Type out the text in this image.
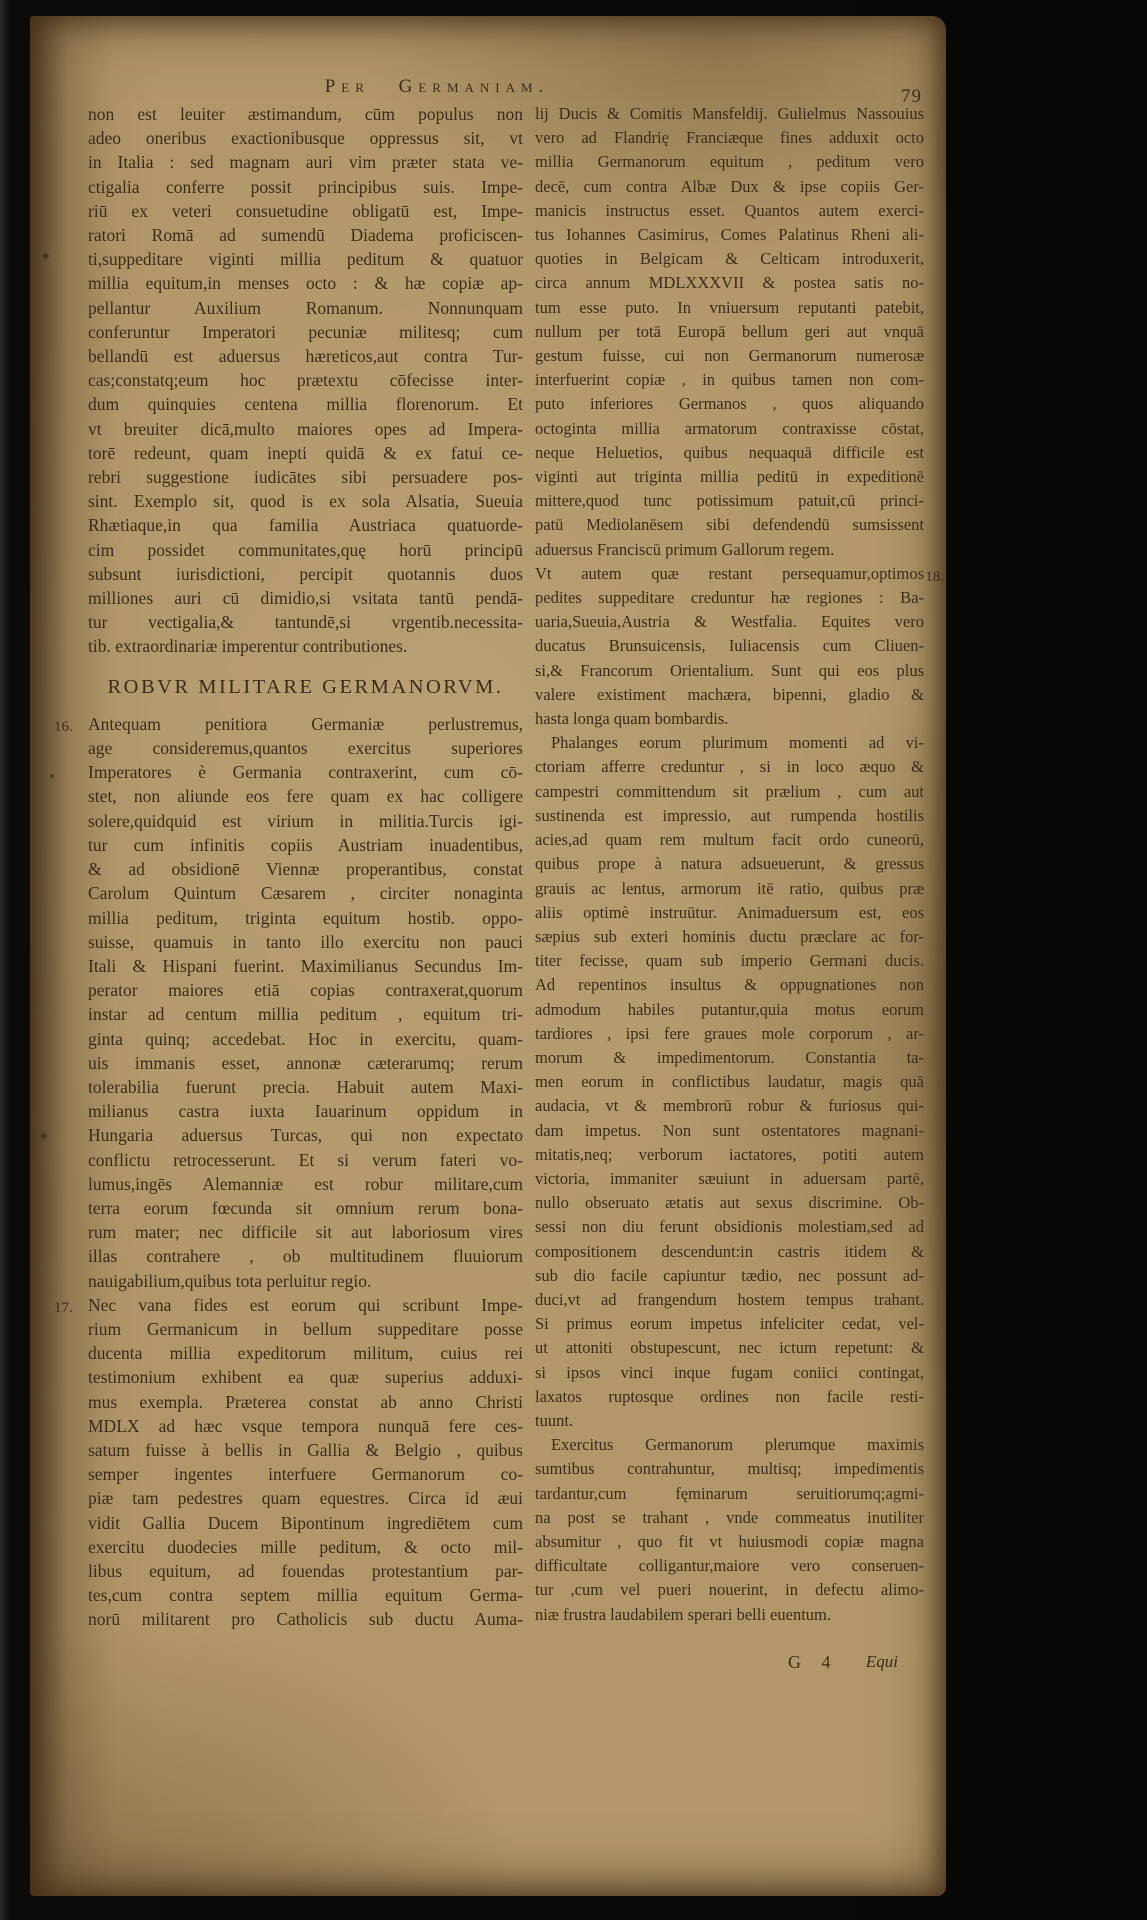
Per Germaniam.	79
non est leuiter æstimandum, cūm populus non
adeo oneribus exactionibusque oppressus sit, vt
in Italia : sed magnam auri vim præter stata ve-
ctigalia conferre possit principibus suis. Impe-
riū ex veteri consuetudine obligatū est, Impe-
ratori Romā ad sumendū Diadema proficiscen-
ti,suppeditare viginti millia peditum & quatuor
millia equitum,in menses octo : & hæ copiæ ap-
pellantur Auxilium Romanum. Nonnunquam
conferuntur Imperatori pecuniæ militesq; cum
bellandū est aduersus hæreticos,aut contra Tur-
cas;constatq;eum hoc prætextu cōfecisse inter-
dum quinquies centena millia florenorum. Et
vt breuiter dicā,multo maiores opes ad Impera-
torē redeunt, quam inepti quidā & ex fatui ce-
rebri suggestione iudicātes sibi persuadere pos-
sint. Exemplo sit, quod is ex sola Alsatia, Sueuia
Rhætiaque,in qua familia Austriaca quatuorde-
cim possidet communitates,quę horū principū
subsunt iurisdictioni, percipit quotannis duos
milliones auri cū dimidio,si vsitata tantū pendā-
tur vectigalia,& tantundē,si vrgentib.necessita-
tib. extraordinariæ imperentur contributiones.
ROBVR MILITARE GERMANORVM.
16. Antequam penitiora Germaniæ perlustremus,
age consideremus,quantos exercitus superiores
Imperatores è Germania contraxerint, cum cō-
stet, non aliunde eos fere quam ex hac colligere
solere,quidquid est virium in militia.Turcis igi-
tur cum infinitis copiis Austriam inuadentibus,
& ad obsidionē Viennæ properantibus, constat
Carolum Quintum Cæsarem , circiter nonaginta
millia peditum, triginta equitum hostib. oppo-
suisse, quamuis in tanto illo exercitu non pauci
Itali & Hispani fuerint. Maximilianus Secundus Im-
perator maiores etiā copias contraxerat,quorum
instar ad centum millia peditum , equitum tri-
ginta quinq; accedebat. Hoc in exercitu, quam-
uis immanis esset, annonæ cæterarumq; rerum
tolerabilia fuerunt precia. Habuit autem Maxi-
milianus castra iuxta Iauarinum oppidum in
Hungaria aduersus Turcas, qui non expectato
conflictu retrocesserunt. Et si verum fateri vo-
lumus,ingēs Alemanniæ est robur militare,cum
terra eorum fœcunda sit omnium rerum bona-
rum mater; nec difficile sit aut laboriosum vires
illas contrahere , ob multitudinem fluuiorum
nauigabilium,quibus tota perluitur regio.
17. Nec vana fides est eorum qui scribunt Impe-
rium Germanicum in bellum suppeditare posse
ducenta millia expeditorum militum, cuius rei
testimonium exhibent ea quæ superius adduxi-
mus exempla. Præterea constat ab anno Christi
MDLX ad hæc vsque tempora nunquā fere ces-
satum fuisse à bellis in Gallia & Belgio , quibus
semper ingentes interfuere Germanorum co-
piæ tam pedestres quam equestres. Circa id æui
vidit Gallia Ducem Bipontinum ingrediētem cum
exercitu duodecies mille peditum, & octo mil-
libus equitum, ad fouendas protestantium par-
tes,cum contra septem millia equitum Germa-
norū militarent pro Catholicis sub ductu Auma-
lij Ducis & Comitis Mansfeldij. Gulielmus Nassouius
vero ad Flandrię Franciæque fines adduxit octo
millia Germanorum equitum , peditum vero
decē, cum contra Albæ Dux & ipse copiis Ger-
manicis instructus esset. Quantos autem exerci-
tus Iohannes Casimirus, Comes Palatinus Rheni ali-
quoties in Belgicam & Celticam introduxerit,
circa annum MDLXXXVII & postea satis no-
tum esse puto. In vniuersum reputanti patebit,
nullum per totā Europā bellum geri aut vnquā
gestum fuisse, cui non Germanorum numerosæ
interfuerint copiæ , in quibus tamen non com-
puto inferiores Germanos , quos aliquando
octoginta millia armatorum contraxisse cōstat,
neque Heluetios, quibus nequaquā difficile est
viginti aut triginta millia peditū in expeditionē
mittere,quod tunc potissimum patuit,cū princi-
patū Mediolanēsem sibi defendendū sumsissent
aduersus Franciscū primum Gallorum regem.
18.
Vt autem quæ restant persequamur,optimos
pedites suppeditare creduntur hæ regiones : Ba-
uaria,Sueuia,Austria & Westfalia. Equites vero
ducatus Brunsuicensis, Iuliacensis cum Cliuen-
si,& Francorum Orientalium. Sunt qui eos plus
valere existiment machæra, bipenni, gladio &
hasta longa quam bombardis.
Phalanges eorum plurimum momenti ad vi-
ctoriam afferre creduntur , si in loco æquo &
campestri committendum sit prælium , cum aut
sustinenda est impressio, aut rumpenda hostilis
acies,ad quam rem multum facit ordo cuneorū,
quibus prope à natura adsueuerunt, & gressus
grauis ac lentus, armorum itē ratio, quibus præ
aliis optimè instruūtur. Animaduersum est, eos
sæpius sub exteri hominis ductu præclare ac for-
titer fecisse, quam sub imperio Germani ducis.
Ad repentinos insultus & oppugnationes non
admodum habiles putantur,quia motus eorum
tardiores , ipsi fere graues mole corporum , ar-
morum & impedimentorum. Constantia ta-
men eorum in conflictibus laudatur, magis quā
audacia, vt & membrorū robur & furiosus qui-
dam impetus. Non sunt ostentatores magnani-
mitatis,neq; verborum iactatores, potiti autem
victoria, immaniter sæuiunt in aduersam partē,
nullo obseruato ætatis aut sexus discrimine. Ob-
sessi non diu ferunt obsidionis molestiam,sed ad
compositionem descendunt:in castris itidem &
sub dio facile capiuntur tædio, nec possunt ad-
duci,vt ad frangendum hostem tempus trahant.
Si primus eorum impetus infeliciter cedat, vel-
ut attoniti obstupescunt, nec ictum repetunt: &
si ipsos vinci inque fugam coniici contingat,
laxatos ruptosque ordines non facile resti-
tuunt.
Exercitus Germanorum plerumque maximis
sumtibus contrahuntur, multisq; impedimentis
tardantur,cum fęminarum seruitiorumq;agmi-
na post se trahant , vnde commeatus inutiliter
absumitur , quo fit vt huiusmodi copiæ magna
difficultate colligantur,maiore vero conseruen-
tur ,cum vel pueri nouerint, in defectu alimo-
niæ frustra laudabilem sperari belli euentum.
G 4 Equi
